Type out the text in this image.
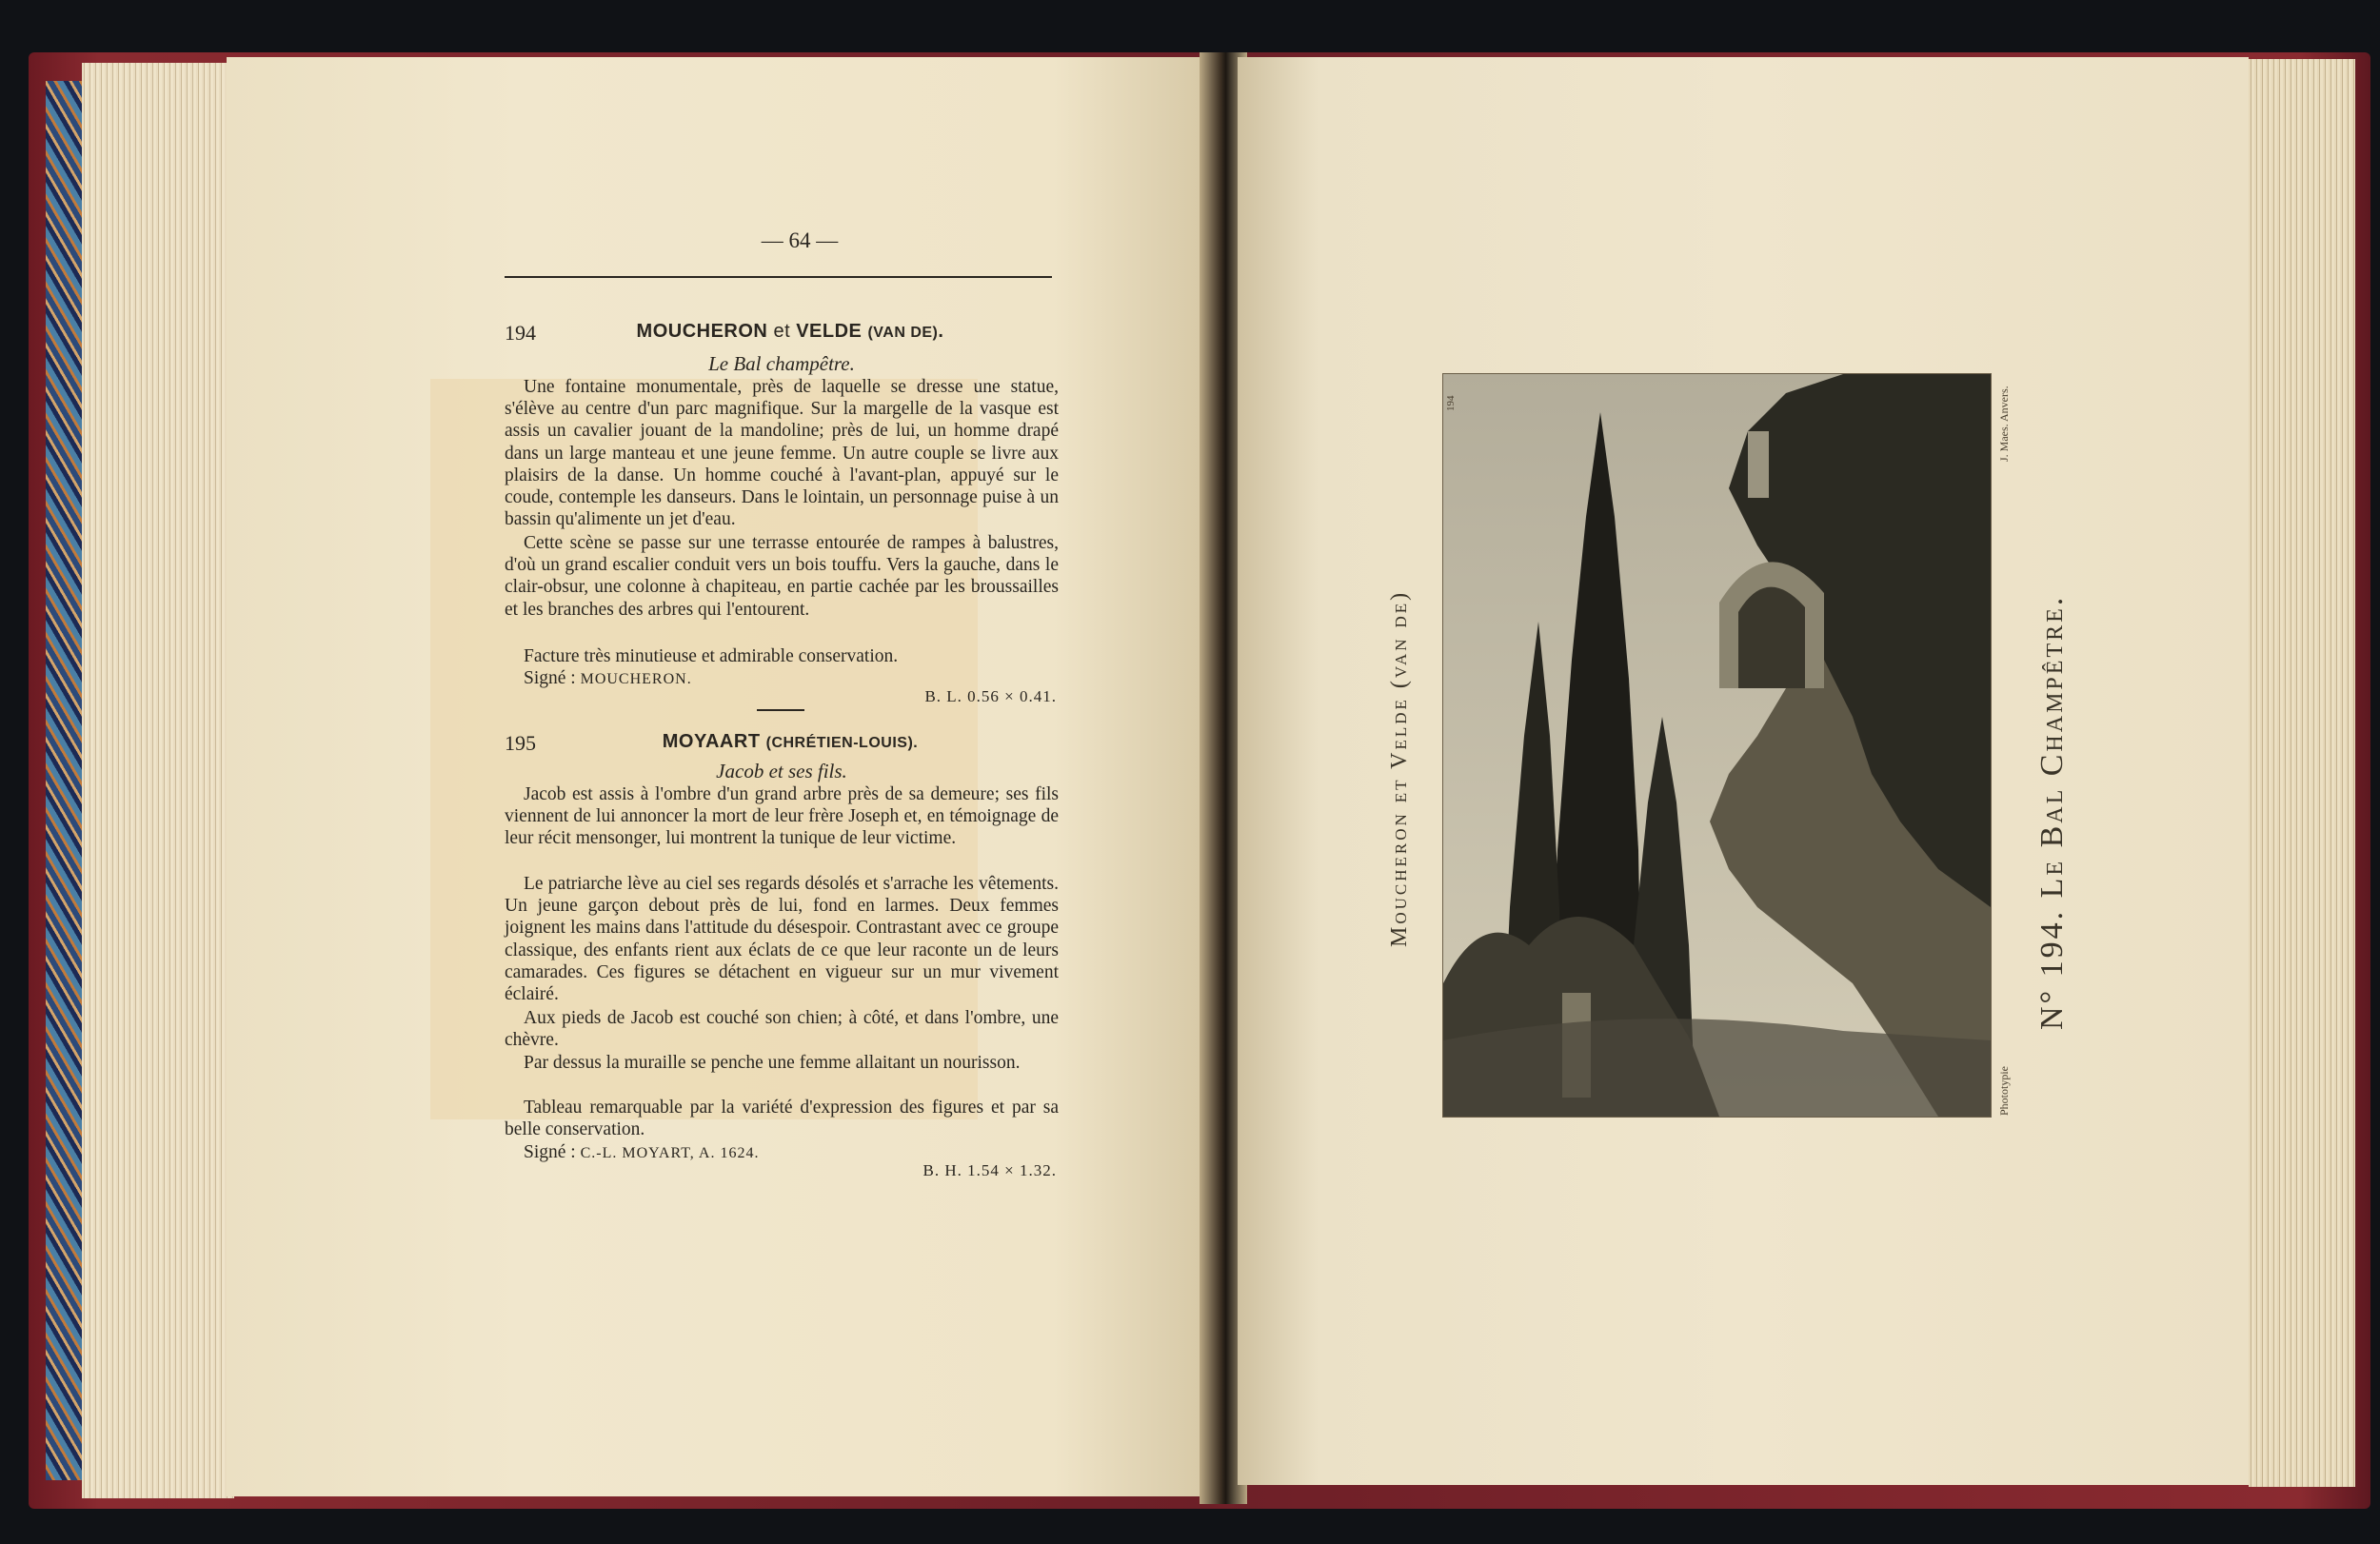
— 64 —
194	MOUCHERON et VELDE (VAN DE).
Le Bal champêtre.

Une fontaine monumentale, près de laquelle se dresse une statue, s'élève au centre d'un parc magnifique. Sur la margelle de la vasque est assis un cavalier jouant de la mandoline; près de lui, un homme drapé dans un large manteau et une jeune femme. Un autre couple se livre aux plaisirs de la danse. Un homme couché à l'avant-plan, appuyé sur le coude, contemple les danseurs. Dans le lointain, un personnage puise à un bassin qu'alimente un jet d'eau.

Cette scène se passe sur une terrasse entourée de rampes à balustres, d'où un grand escalier conduit vers un bois touffu. Vers la gauche, dans le clair-obsur, une colonne à chapiteau, en partie cachée par les broussailles et les branches des arbres qui l'entourent.

Facture très minutieuse et admirable conservation.

Signé : MOUCHERON.
B. L. 0.56 × 0.41.
195	MOYAART (CHRÉTIEN-LOUIS).
Jacob et ses fils.

Jacob est assis à l'ombre d'un grand arbre près de sa demeure; ses fils viennent de lui annoncer la mort de leur frère Joseph et, en témoignage de leur récit mensonger, lui montrent la tunique de leur victime.

Le patriarche lève au ciel ses regards désolés et s'arrache les vêtements. Un jeune garçon debout près de lui, fond en larmes. Deux femmes joignent les mains dans l'attitude du désespoir. Contrastant avec ce groupe classique, des enfants rient aux éclats de ce que leur raconte un de leurs camarades. Ces figures se détachent en vigueur sur un mur vivement éclairé.

Aux pieds de Jacob est couché son chien; à côté, et dans l'ombre, une chèvre.

Par dessus la muraille se penche une femme allaitant un nourisson.

Tableau remarquable par la variété d'expression des figures et par sa belle conservation.

Signé : C.-L. MOYART, A. 1624.
B. H. 1.54 × 1.32.
Phototypie
J. Maes. Anvers.
194
Moucheron et Velde (van de)	N° 194. Le Bal Champêtre.
